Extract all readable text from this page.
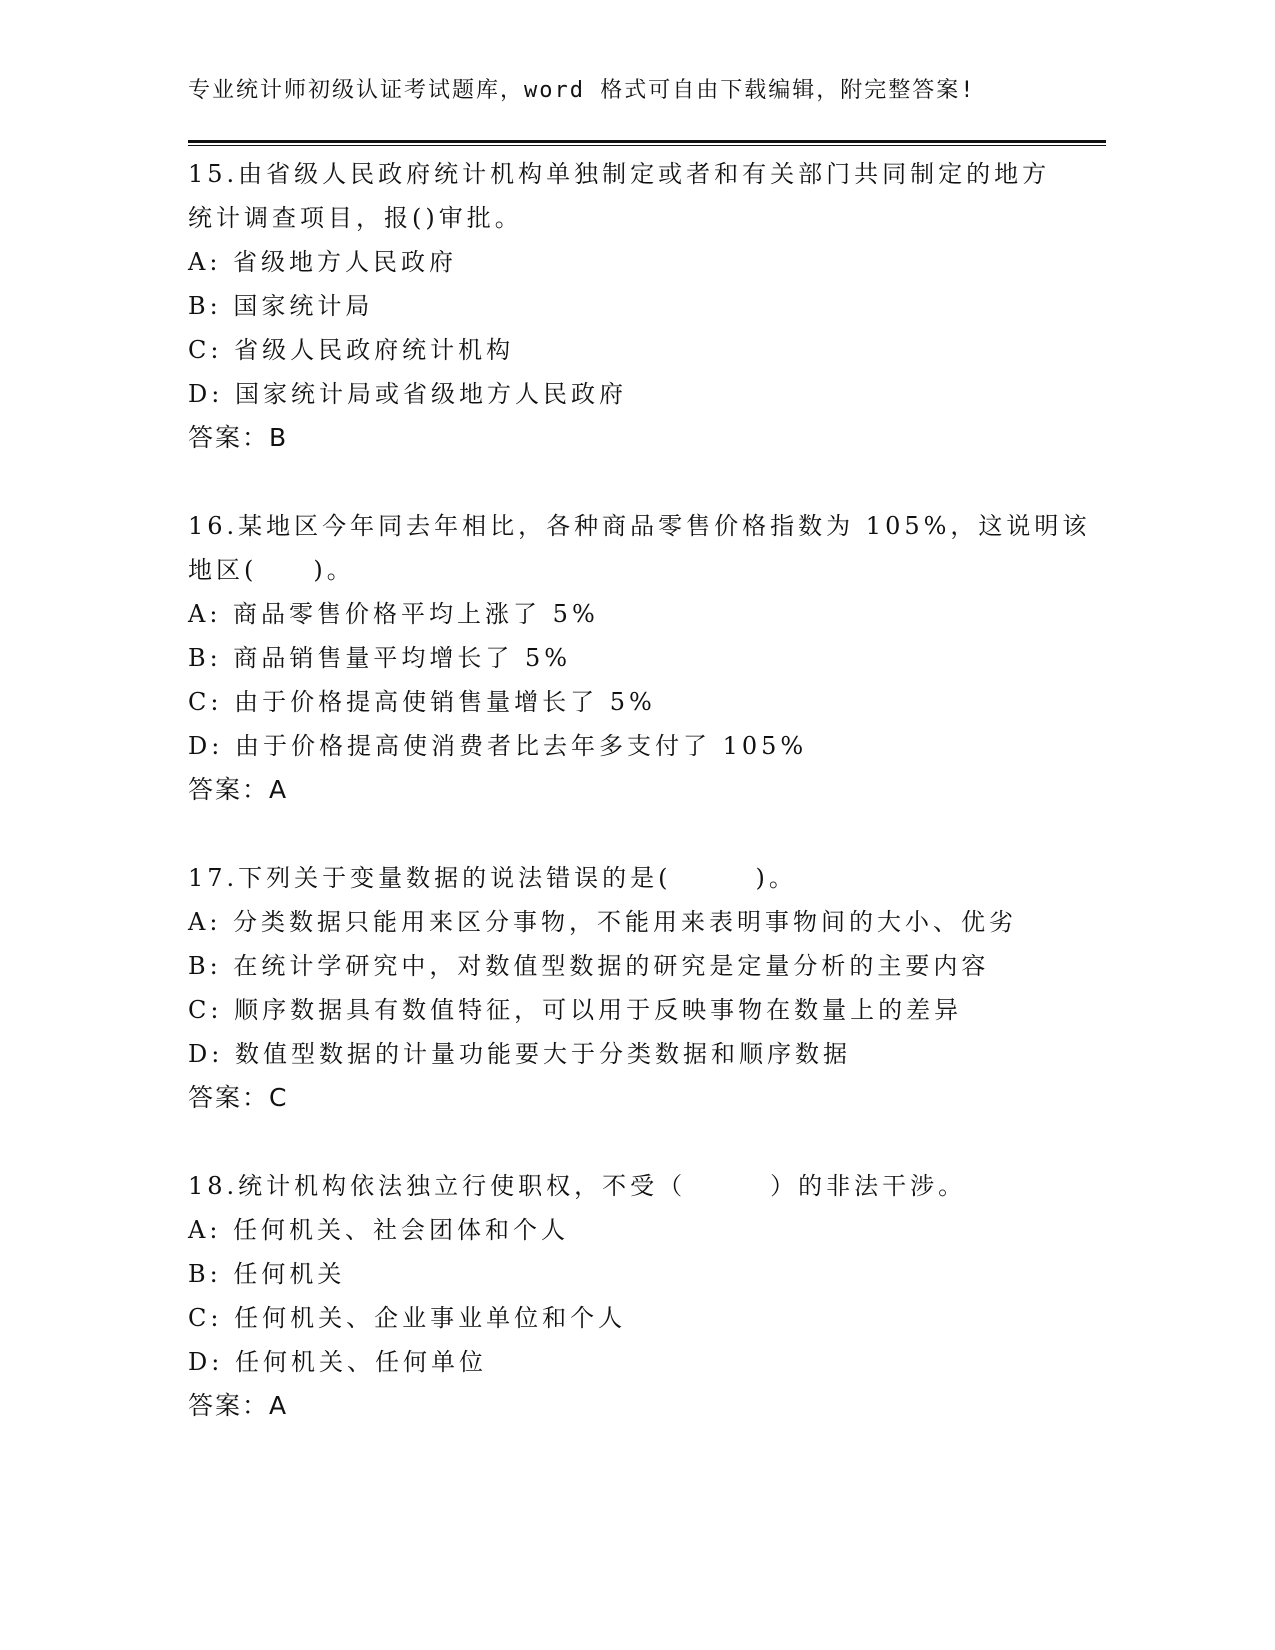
专业统计师初级认证考试题库，word 格式可自由下载编辑，附完整答案!
15.由省级人民政府统计机构单独制定或者和有关部门共同制定的地方
统计调查项目，报()审批。
A: 省级地方人民政府
B: 国家统计局
C: 省级人民政府统计机构
D: 国家统计局或省级地方人民政府
答案：B
16.某地区今年同去年相比，各种商品零售价格指数为 105%，这说明该
地区(　　)。
A: 商品零售价格平均上涨了 5%
B: 商品销售量平均增长了 5%
C: 由于价格提高使销售量增长了 5%
D: 由于价格提高使消费者比去年多支付了 105%
答案：A
17.下列关于变量数据的说法错误的是(　　　)。
A: 分类数据只能用来区分事物，不能用来表明事物间的大小、优劣
B: 在统计学研究中，对数值型数据的研究是定量分析的主要内容
C: 顺序数据具有数值特征，可以用于反映事物在数量上的差异
D: 数值型数据的计量功能要大于分类数据和顺序数据
答案：C
18.统计机构依法独立行使职权，不受（　　　）的非法干涉。
A: 任何机关、社会团体和个人
B: 任何机关
C: 任何机关、企业事业单位和个人
D: 任何机关、任何单位
答案：A
